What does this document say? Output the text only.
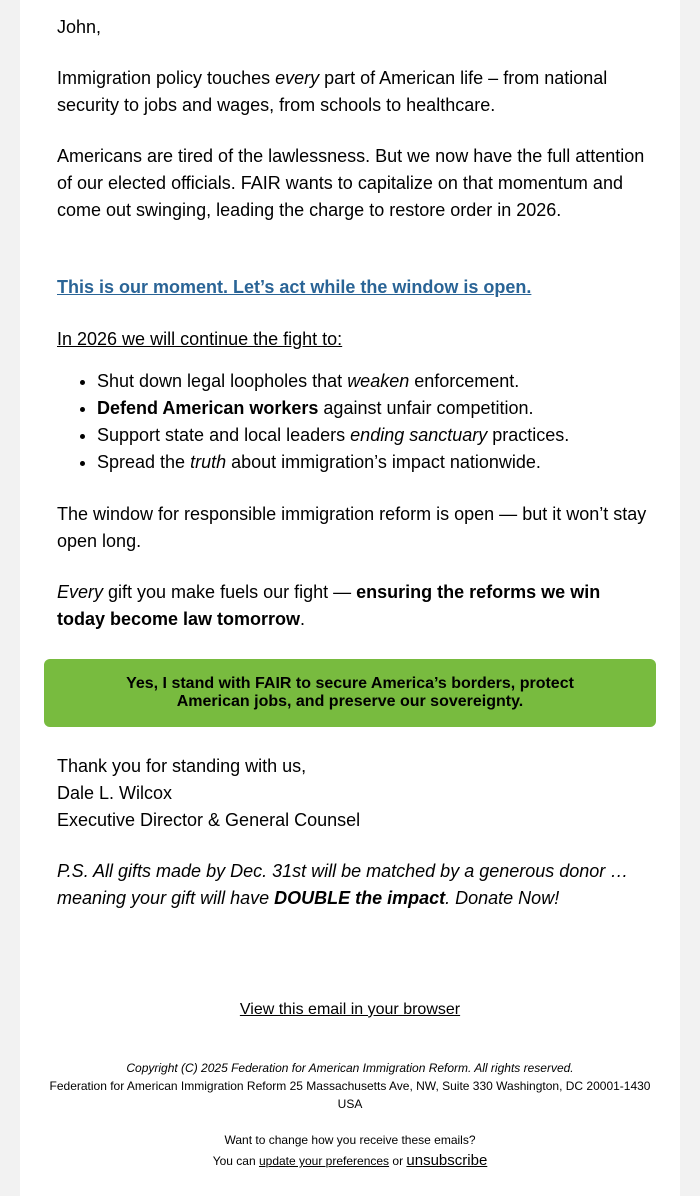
John,

Immigration policy touches every part of American life – from national security to jobs and wages, from schools to healthcare.

Americans are tired of the lawlessness. But we now have the full attention of our elected officials. FAIR wants to capitalize on that momentum and come out swinging, leading the charge to restore order in 2026.

This is our moment. Let’s act while the window is open.

In 2026 we will continue the fight to:

• Shut down legal loopholes that weaken enforcement.
• Defend American workers against unfair competition.
• Support state and local leaders ending sanctuary practices.
• Spread the truth about immigration’s impact nationwide.

The window for responsible immigration reform is open — but it won’t stay open long.

Every gift you make fuels our fight — ensuring the reforms we win today become law tomorrow.

Yes, I stand with FAIR to secure America’s borders, protect American jobs, and preserve our sovereignty.

Thank you for standing with us,

Dale L. Wilcox

Executive Director & General Counsel

P.S. All gifts made by Dec. 31st will be matched by a generous donor … meaning your gift will have DOUBLE the impact. Donate Now!

View this email in your browser
Copyright (C) 2025 Federation for American Immigration Reform. All rights reserved.
Federation for American Immigration Reform 25 Massachusetts Ave, NW, Suite 330 Washington, DC 20001-1430 USA
Want to change how you receive these emails?
You can update your preferences or unsubscribe
